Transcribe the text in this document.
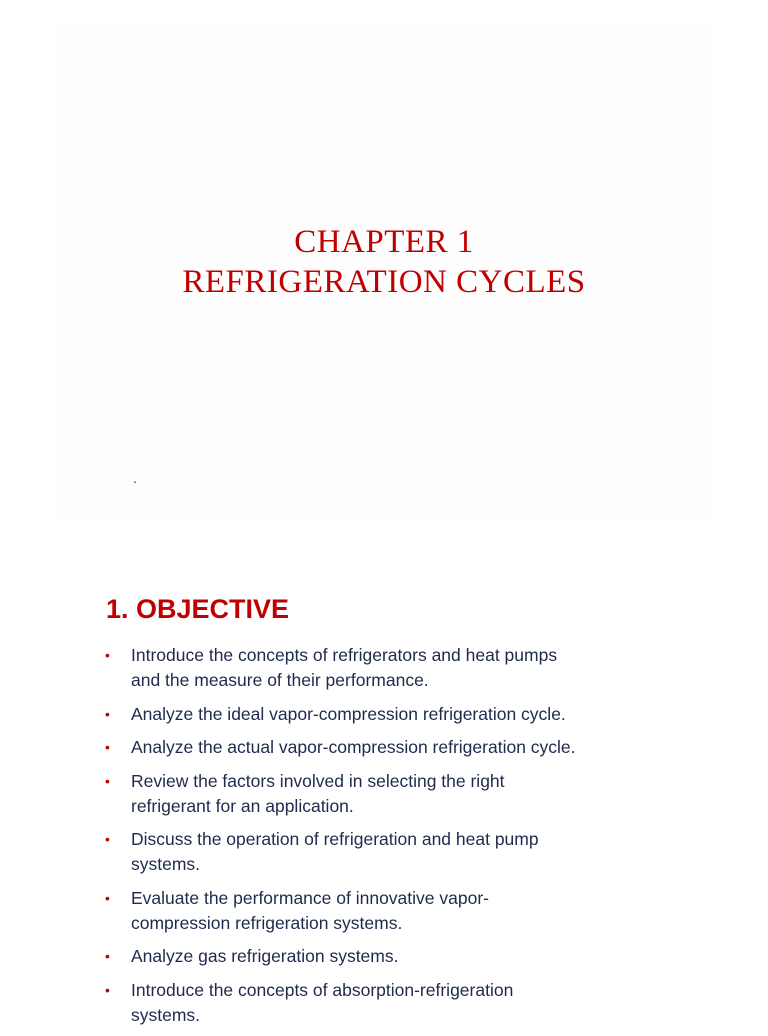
CHAPTER 1
REFRIGERATION CYCLES
.
1. OBJECTIVE
• Introduce the concepts of refrigerators and heat pumps
and the measure of their performance.
• Analyze the ideal vapor-compression refrigeration cycle.
• Analyze the actual vapor-compression refrigeration cycle.
• Review the factors involved in selecting the right
refrigerant for an application.
• Discuss the operation of refrigeration and heat pump
systems.
• Evaluate the performance of innovative vapor-
compression refrigeration systems.
• Analyze gas refrigeration systems.
• Introduce the concepts of absorption-refrigeration
systems.
